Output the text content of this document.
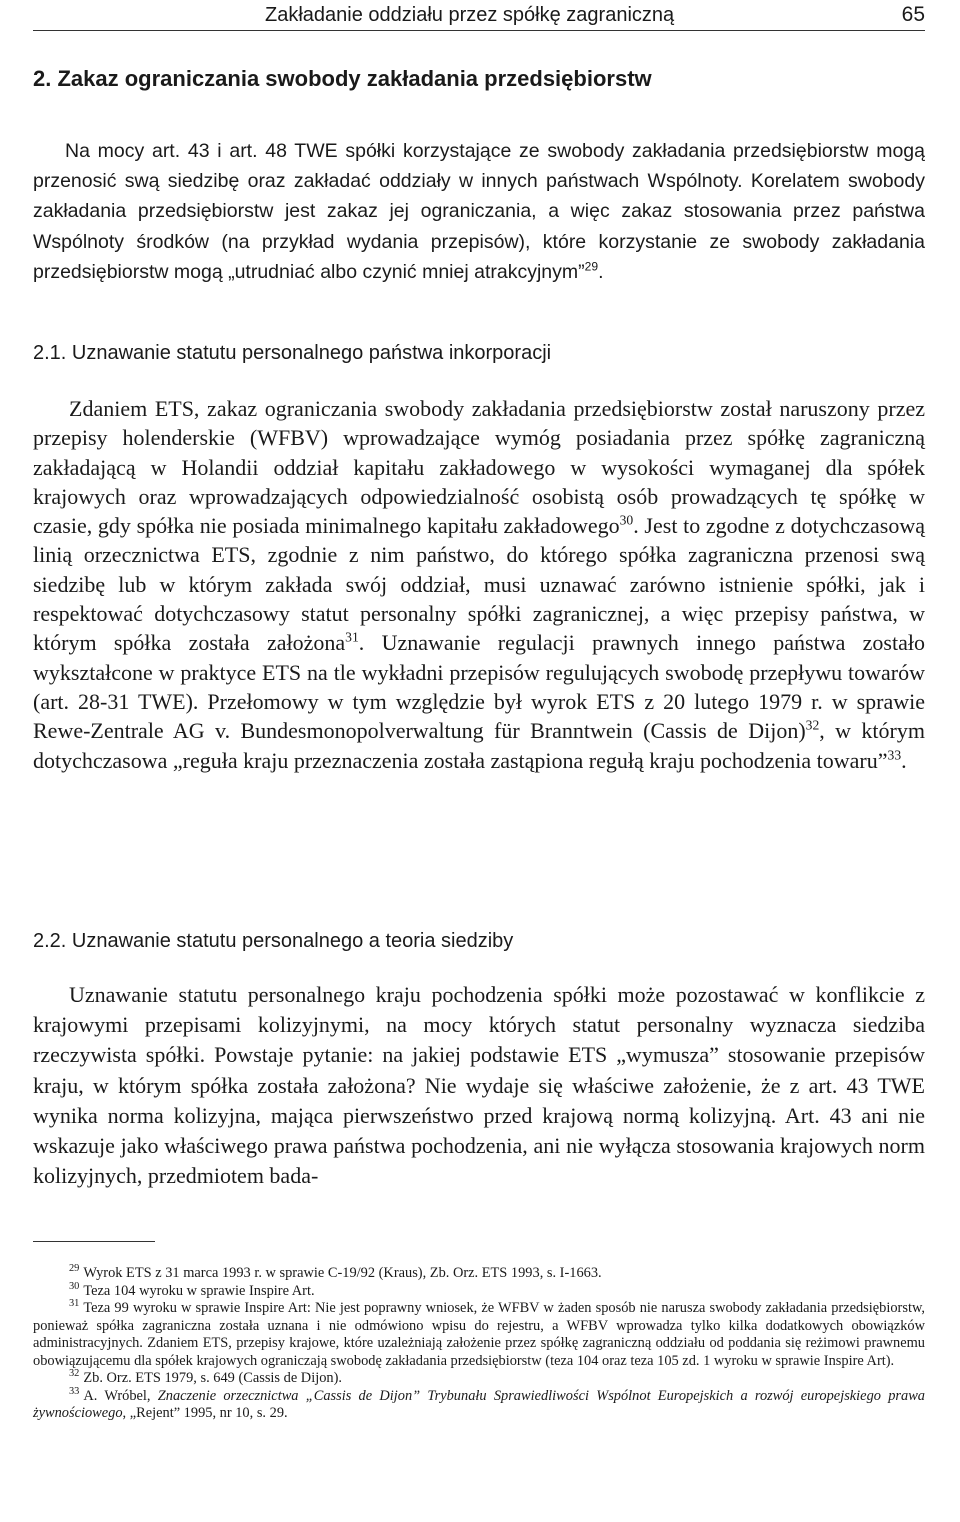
Zakładanie oddziału przez spółkę zagraniczną	65
2. Zakaz ograniczania swobody zakładania przedsiębiorstw

Na mocy art. 43 i art. 48 TWE spółki korzystające ze swobody zakładania przedsiębiorstw mogą przenosić swą siedzibę oraz zakładać oddziały w innych państwach Wspólnoty. Korelatem swobody zakładania przedsiębiorstw jest zakaz jej ograniczania, a więc zakaz stosowania przez państwa Wspólnoty środków (na przykład wydania przepisów), które korzystanie ze swobody zakładania przedsiębiorstw mogą „utrudniać albo czynić mniej atrakcyjnym”$^{29}$.

2.1. Uznawanie statutu personalnego państwa inkorporacji

Zdaniem ETS, zakaz ograniczania swobody zakładania przedsiębiorstw został naruszony przez przepisy holenderskie (WFBV) wprowadzające wymóg posiadania przez spółkę zagraniczną zakładającą w Holandii oddział kapitału zakładowego w wysokości wymaganej dla spółek krajowych oraz wprowadzających odpowiedzialność osobistą osób prowadzących tę spółkę w czasie, gdy spółka nie posiada minimalnego kapitału zakładowego$^{30}$. Jest to zgodne z dotychczasową linią orzecznictwa ETS, zgodnie z nim państwo, do którego spółka zagraniczna przenosi swą siedzibę lub w którym zakłada swój oddział, musi uznawać zarówno istnienie spółki, jak i respektować dotychczasowy statut personalny spółki zagranicznej, a więc przepisy państwa, w którym spółka została założona$^{31}$. Uznawanie regulacji prawnych innego państwa zostało wykształcone w praktyce ETS na tle wykładni przepisów regulujących swobodę przepływu towarów (art. 28-31 TWE). Przełomowy w tym względzie był wyrok ETS z 20 lutego 1979 r. w sprawie Rewe-Zentrale AG v. Bundesmonopolverwaltung für Branntwein (Cassis de Dijon)$^{32}$, w którym dotychczasowa „reguła kraju przeznaczenia została zastąpiona regułą kraju pochodzenia towaru”$^{33}$.

2.2. Uznawanie statutu personalnego a teoria siedziby

Uznawanie statutu personalnego kraju pochodzenia spółki może pozostawać w konflikcie z krajowymi przepisami kolizyjnymi, na mocy których statut personalny wyznacza siedziba rzeczywista spółki. Powstaje pytanie: na jakiej podstawie ETS „wymusza” stosowanie przepisów kraju, w którym spółka została założona? Nie wydaje się właściwe założenie, że z art. 43 TWE wynika norma kolizyjna, mająca pierwszeństwo przed krajową normą kolizyjną. Art. 43 ani nie wskazuje jako właściwego prawa państwa pochodzenia, ani nie wyłącza stosowania krajowych norm kolizyjnych, przedmiotem bada-

$^{29}$ Wyrok ETS z 31 marca 1993 r. w sprawie C-19/92 (Kraus), Zb. Orz. ETS 1993, s. I-1663.

$^{30}$ Teza 104 wyroku w sprawie Inspire Art.

$^{31}$ Teza 99 wyroku w sprawie Inspire Art: Nie jest poprawny wniosek, że WFBV w żaden sposób nie narusza swobody zakładania przedsiębiorstw, ponieważ spółka zagraniczna została uznana i nie odmówiono wpisu do rejestru, a WFBV wprowadza tylko kilka dodatkowych obowiązków administracyjnych. Zdaniem ETS, przepisy krajowe, które uzależniają założenie przez spółkę zagraniczną oddziału od poddania się reżimowi prawnemu obowiązującemu dla spółek krajowych ograniczają swobodę zakładania przedsiębiorstw (teza 104 oraz teza 105 zd. 1 wyroku w sprawie Inspire Art).

$^{32}$ Zb. Orz. ETS 1979, s. 649 (Cassis de Dijon).

$^{33}$ A. Wróbel, Znaczenie orzecznictwa „Cassis de Dijon” Trybunału Sprawiedliwości Wspólnot Europejskich a rozwój europejskiego prawa żywnościowego, „Rejent” 1995, nr 10, s. 29.
